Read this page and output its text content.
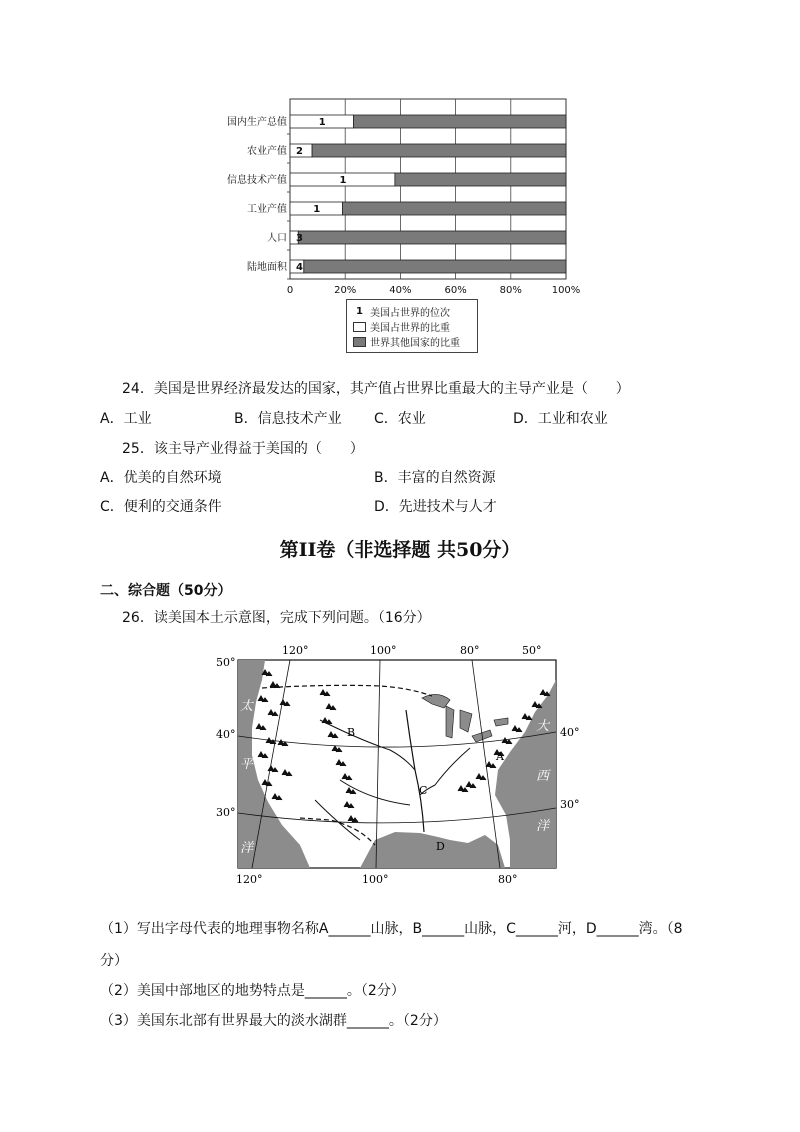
1
国内生产总值
2
农业产值
1
信息技术产值
1
工业产值
3
人口
4
陆地面积
0	20%	40%	60%	80%	100%
1 美国占世界的位次
美国占世界的比重
世界其他国家的比重
24．美国是世界经济最发达的国家，其产值占世界比重最大的主导产业是（　　）
A．工业	B．信息技术产业 C．农业	D．工业和农业
25．该主导产业得益于美国的（　　）
A．优美的自然环境	B．丰富的自然资源
C．便利的交通条件	D．先进技术与人才
第II卷（非选择题 共50分）
二、综合题（50分）
26．读美国本土示意图，完成下列问题。（16分）
B
A
C
D
太
平
洋
大
西
洋
120°	100°	80°	50°
120°	100°	80°
50°
40°
30°
40°
30°
（1）写出字母代表的地理事物名称A______山脉，B______山脉，C______河，D______湾。（8
分）
（2）美国中部地区的地势特点是______。（2分）
（3）美国东北部有世界最大的淡水湖群______。（2分）
